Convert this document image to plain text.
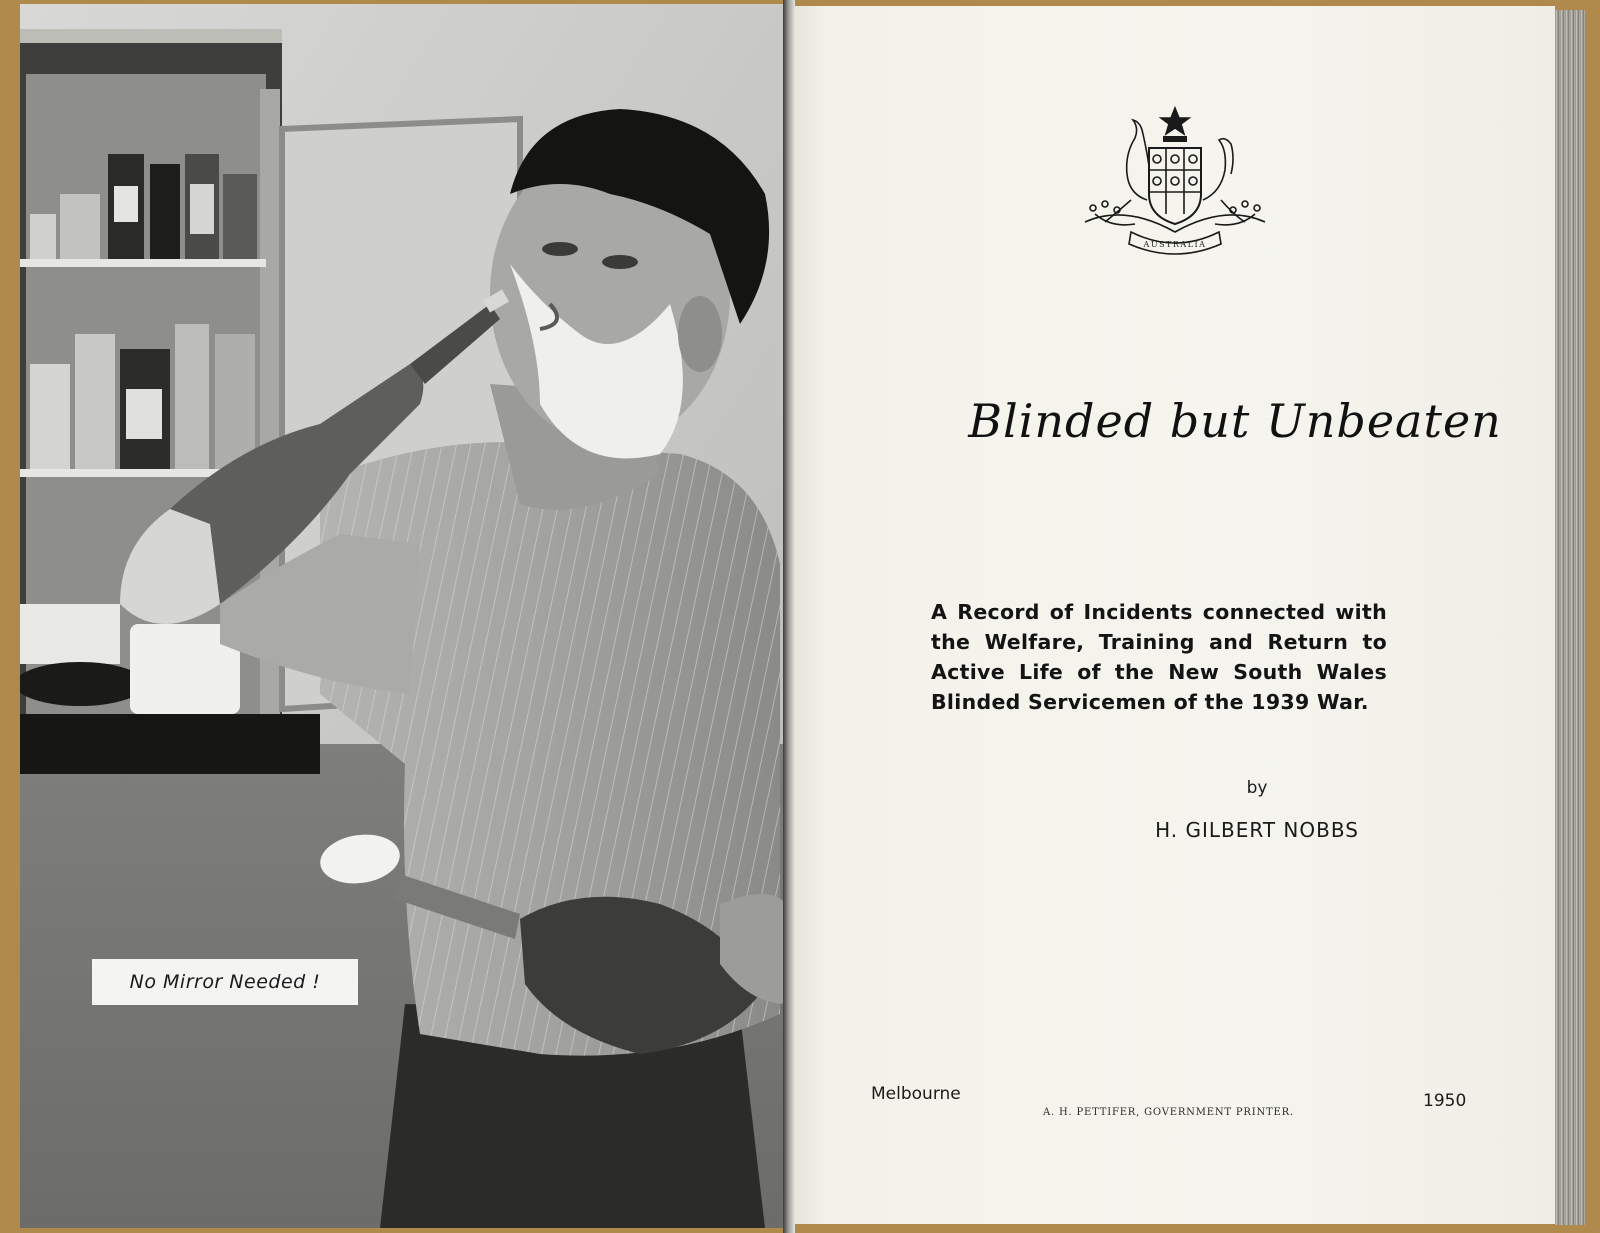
No Mirror Needed !
AUSTRALIA
Blinded but Unbeaten
A Record of Incidents connected with the Welfare, Training and Return to Active Life of the New South Wales Blinded Servicemen of the 1939 War.
by
H. GILBERT NOBBS
Melbourne
A. H. PETTIFER, GOVERNMENT PRINTER.
1950
